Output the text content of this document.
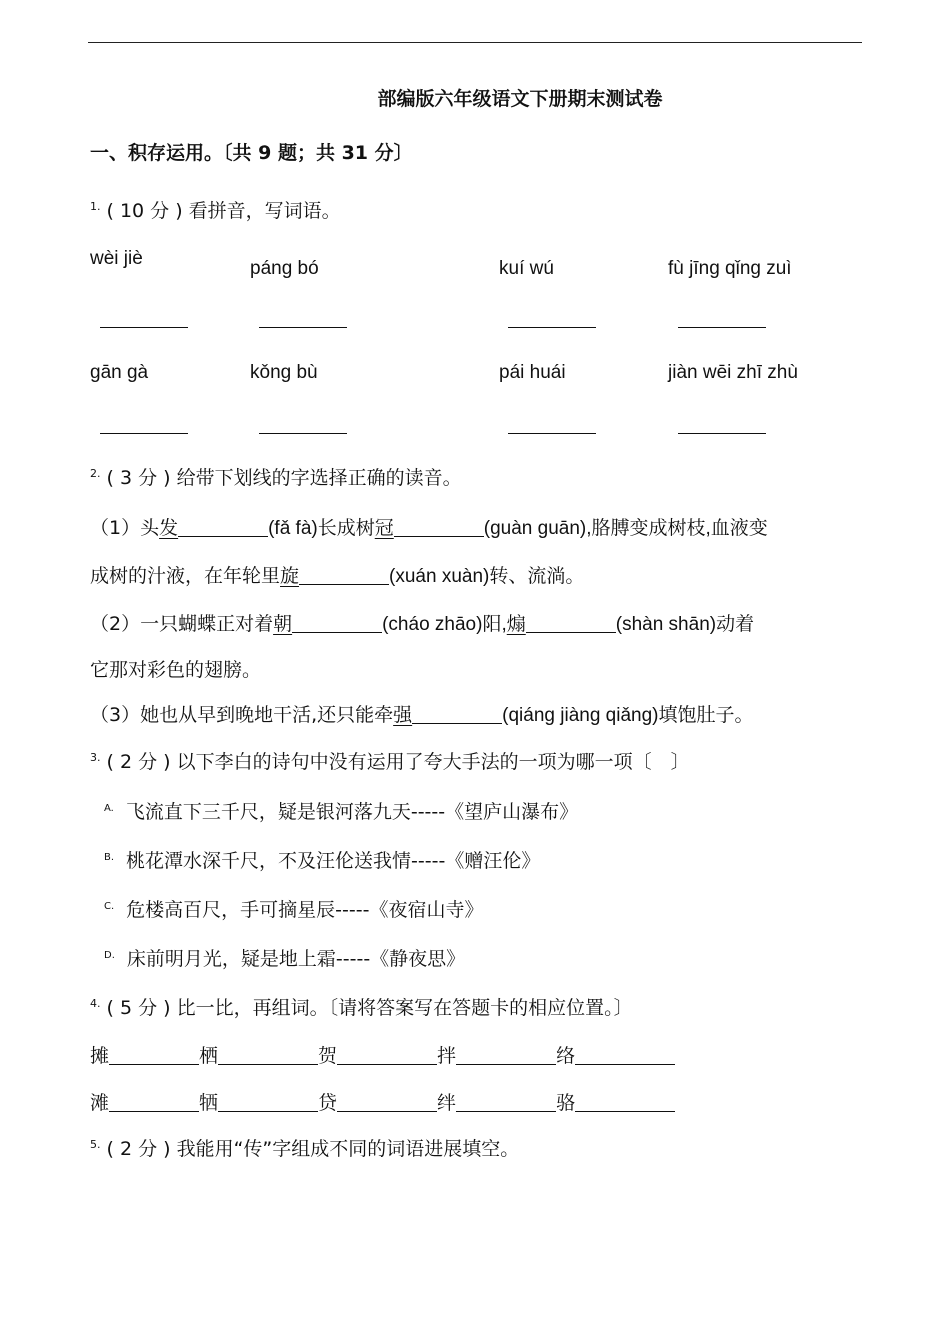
部编版六年级语文下册期末测试卷
一、积存运用。〔共 9 题；共 31 分〕
$^{1.}$ ( 10 分 ) 看拼音，写词语。
wèi jiè	páng bó	kuí wú	fù jīng qǐng zuì
gān gà	kǒng bù	pái huái	jiàn wēi zhī zhù
$^{2.}$ ( 3 分 ) 给带下划线的字选择正确的读音。
（1）头发	(fǎ fà)长成树冠	(guàn guān),胳膊变成树枝,血液变
成树的汁液，在年轮里旋	(xuán xuàn)转、流淌。
（2）一只蝴蝶正对着朝	(cháo zhāo)阳,煽	(shàn shān)动着
它那对彩色的翅膀。
（3）她也从早到晚地干活,还只能牵强	(qiáng jiàng qiǎng)填饱肚子。
$^{3.}$ ( 2 分 ) 以下李白的诗句中没有运用了夸大手法的一项为哪一项〔　〕
$^{A.}$ 飞流直下三千尺，疑是银河落九天-----《望庐山瀑布》
$^{B.}$ 桃花潭水深千尺，不及汪伦送我情-----《赠汪伦》
$^{C.}$ 危楼高百尺，手可摘星辰-----《夜宿山寺》
$^{D.}$ 床前明月光，疑是地上霜-----《静夜思》
$^{4.}$ ( 5 分 ) 比一比，再组词。〔请将答案写在答题卡的相应位置。〕
摊	栖	贺	拌	络
滩	牺	贷	绊	骆
$^{5.}$ ( 2 分 ) 我能用“传”字组成不同的词语进展填空。
